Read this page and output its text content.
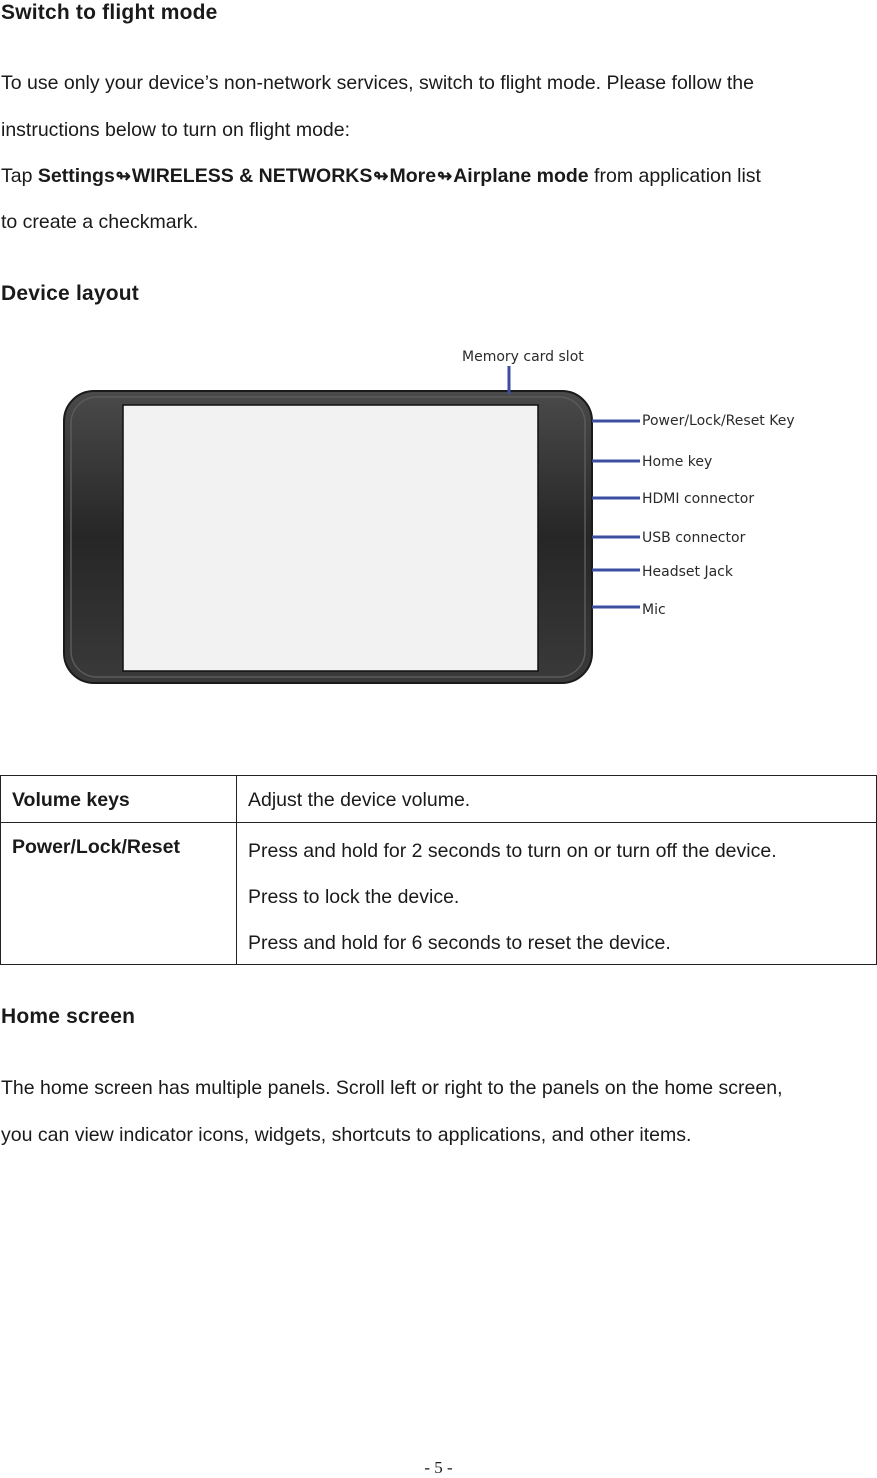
Switch to flight mode
To use only your device’s non-network services, switch to flight mode. Please follow the
instructions below to turn on flight mode:
Tap Settings↬WIRELESS & NETWORKS↬More↬Airplane mode from application list
to create a checkmark.
Device layout
Memory card slot
Power/Lock/Reset Key
Home key
HDMI connector
USB connector
Headset Jack
Mic
Volume keys	Adjust the device volume.

Power/Lock/Reset	Press and hold for 2 seconds to turn on or turn off the device.
Press to lock the device.
Press and hold for 6 seconds to reset the device.
Home screen
The home screen has multiple panels. Scroll left or right to the panels on the home screen,
you can view indicator icons, widgets, shortcuts to applications, and other items.
- 5 -
